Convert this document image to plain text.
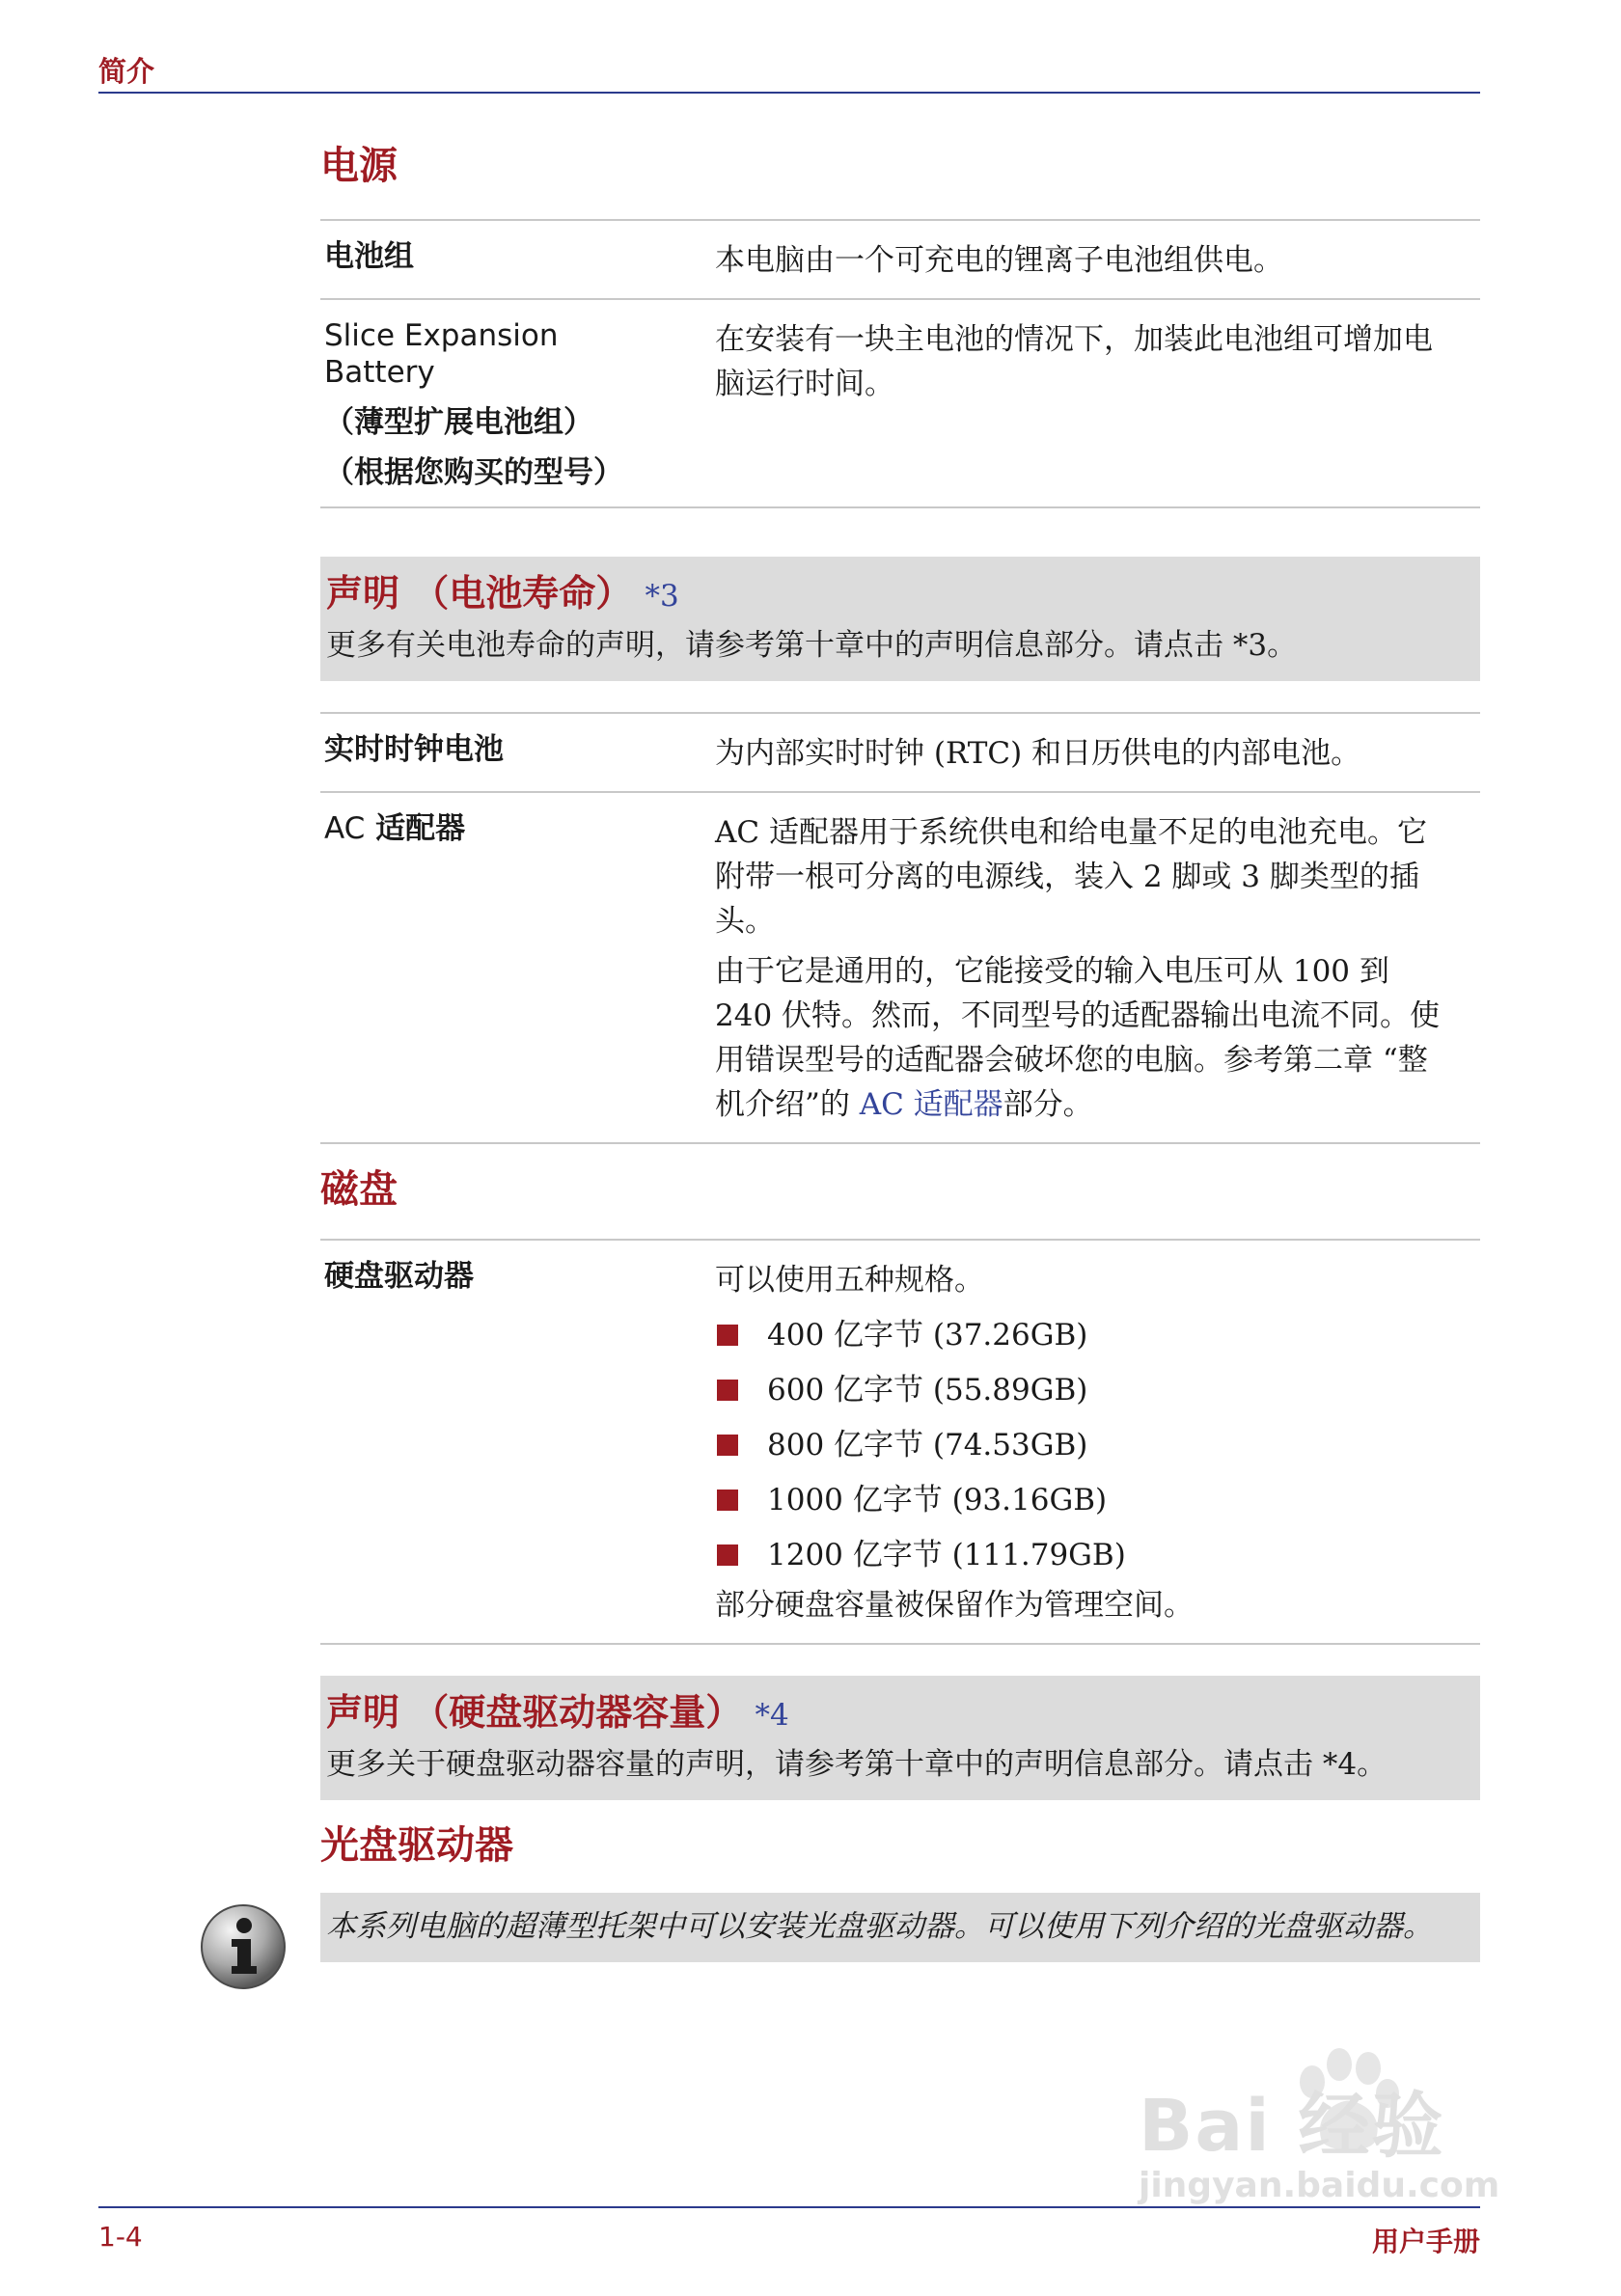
简介
电源
电池组	本电脑由一个可充电的锂离子电池组供电。

Slice Expansion
Battery
（薄型扩展电池组）
（根据您购买的型号）	在安装有一块主电池的情况下，加装此电池组可增加电脑运行时间。
声明 （电池寿命） *3
更多有关电池寿命的声明，请参考第十章中的声明信息部分。请点击 *3。
实时时钟电池	为内部实时时钟 (RTC) 和日历供电的内部电池。
AC 适配器	AC 适配器用于系统供电和给电量不足的电池充电。它附带一根可分离的电源线，装入 2 脚或 3 脚类型的插头。
由于它是通用的，它能接受的输入电压可从 100 到 240 伏特。然而，不同型号的适配器输出电流不同。使用错误型号的适配器会破坏您的电脑。参考第二章 “整机介绍”的 AC 适配器部分。
磁盘
硬盘驱动器	可以使用五种规格。
400 亿字节 (37.26GB)
600 亿字节 (55.89GB)
800 亿字节 (74.53GB)
1000 亿字节 (93.16GB)
1200 亿字节 (111.79GB)
部分硬盘容量被保留作为管理空间。
声明 （硬盘驱动器容量） *4
更多关于硬盘驱动器容量的声明，请参考第十章中的声明信息部分。请点击 *4。
光盘驱动器
本系列电脑的超薄型托架中可以安装光盘驱动器。可以使用下列介绍的光盘驱动器。
Bai 经验
jingyan.baidu.com
1-4	用户手册
